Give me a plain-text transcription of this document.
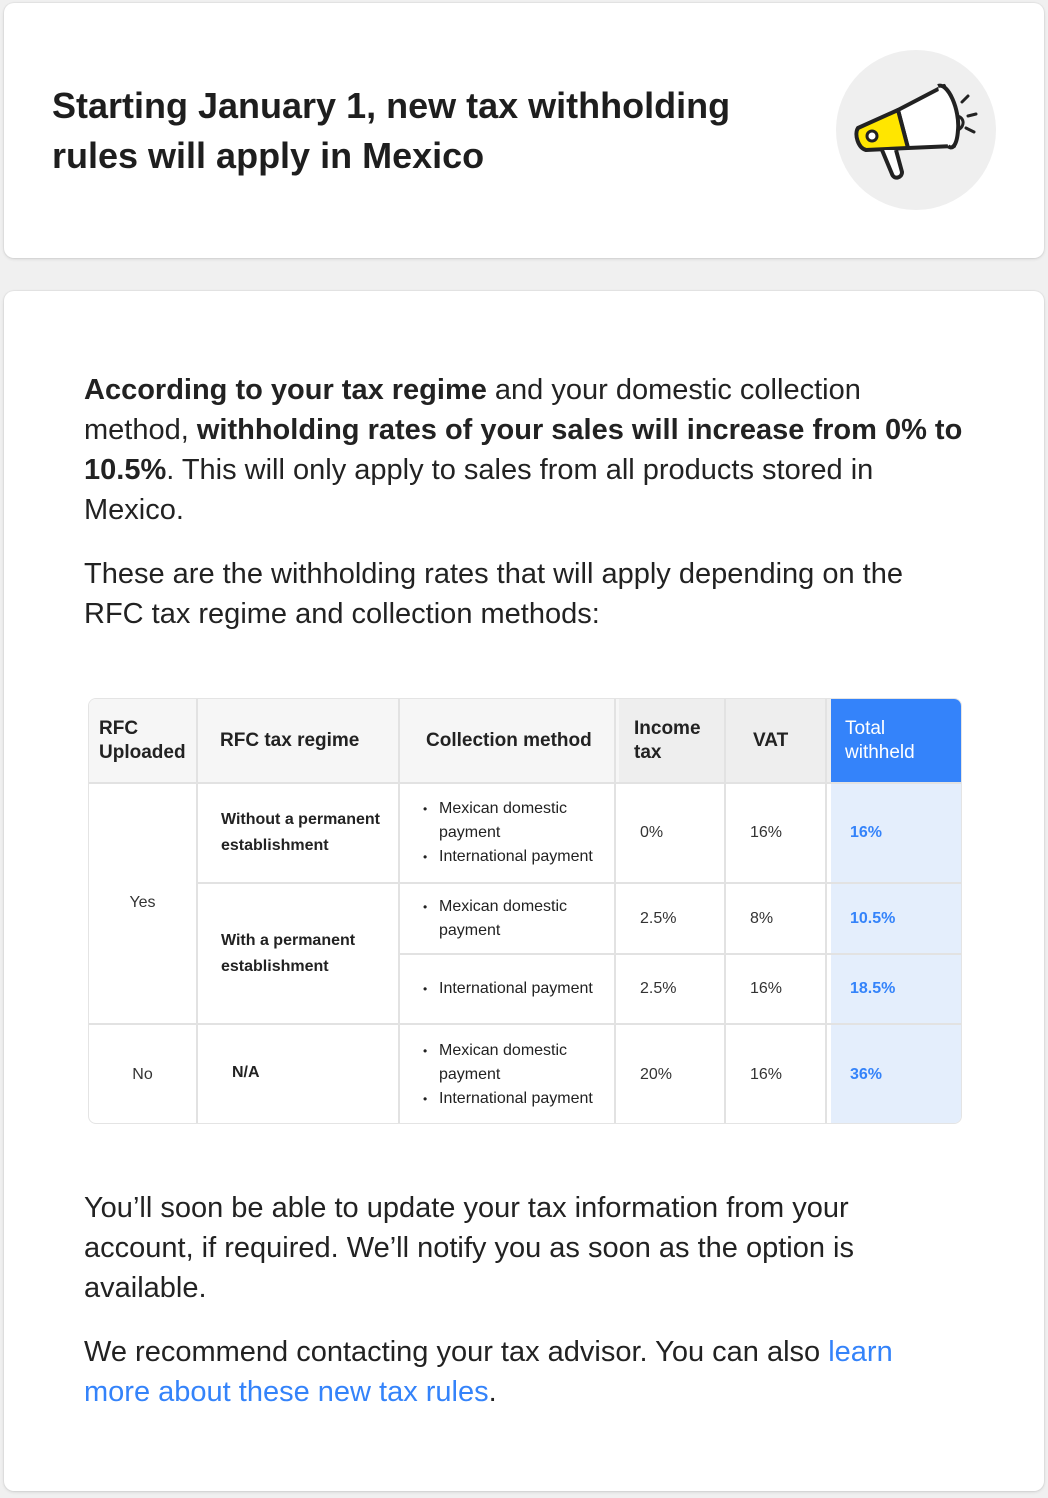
Starting January 1, new tax withholding rules will apply in Mexico
According to your tax regime and your domestic collection method, withholding rates of your sales will increase from 0% to 10.5%. This will only apply to sales from all products stored in Mexico.
These are the withholding rates that will apply depending on the RFC tax regime and collection methods:
RFC Uploaded
RFC tax regime	Collection method
Income tax
VAT
Total withheld
Yes
No
Without a permanent establishment
With a permanent establishment
N/A
• Mexican domestic payment
• International payment
• Mexican domestic payment
• International payment
• Mexican domestic payment
• International payment
0%
2.5%
2.5%
20%
16%
8%
16%
16%
16%
10.5%
18.5%
36%
You’ll soon be able to update your tax information from your account, if required. We’ll notify you as soon as the option is available.
We recommend contacting your tax advisor. You can also learn more about these new tax rules.
